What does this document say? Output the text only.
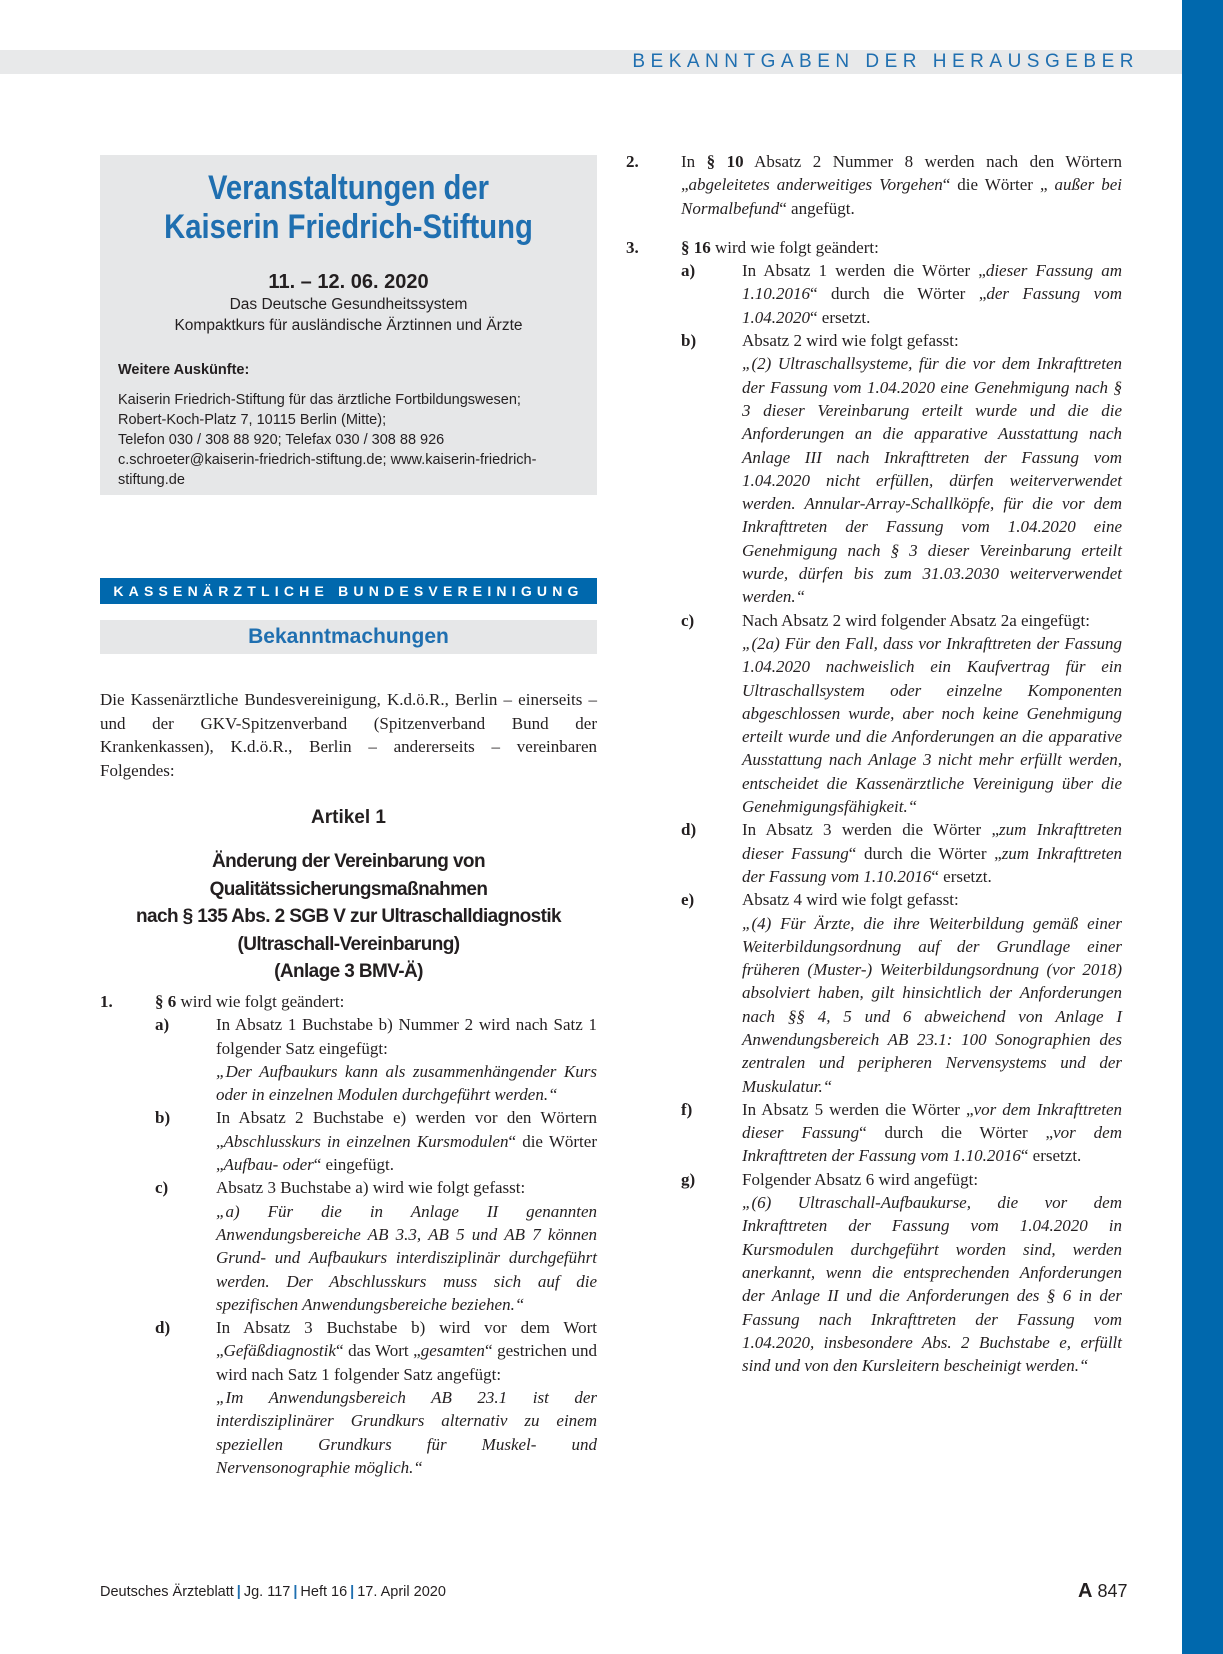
BEKANNTGABEN DER HERAUSGEBER
Veranstaltungen der
Kaiserin Friedrich-Stiftung
11. – 12. 06. 2020
Das Deutsche Gesundheitssystem
Kompaktkurs für ausländische Ärztinnen und Ärzte
Weitere Auskünfte:
Kaiserin Friedrich-Stiftung für das ärztliche Fortbildungswesen;
Robert-Koch-Platz 7, 10115 Berlin (Mitte);
Telefon 030 / 308 88 920; Telefax 030 / 308 88 926
c.schroeter@kaiserin-friedrich-stiftung.de; www.kaiserin-friedrich-stiftung.de
KASSENÄRZTLICHE BUNDESVEREINIGUNG
Bekanntmachungen
Die Kassenärztliche Bundesvereinigung, K.d.ö.R., Berlin – einerseits – und der GKV-Spitzenverband (Spitzenverband Bund der Krankenkassen), K.d.ö.R., Berlin – andererseits – vereinbaren Folgendes:
Artikel 1
Änderung der Vereinbarung von Qualitätssicherungsmaßnahmen
nach § 135 Abs. 2 SGB V zur Ultraschalldiagnostik
(Ultraschall-Vereinbarung)
(Anlage 3 BMV-Ä)
1. § 6 wird wie folgt geändert:
a)	In Absatz 1 Buchstabe b) Nummer 2 wird nach Satz 1 folgender Satz eingefügt:
„Der Aufbaukurs kann als zusammenhängender Kurs oder in einzelnen Modulen durchgeführt werden.“
b)	In Absatz 2 Buchstabe e) werden vor den Wörtern „Abschlusskurs in einzelnen Kursmodulen“ die Wörter „Aufbau- oder“ eingefügt.
c)	Absatz 3 Buchstabe a) wird wie folgt gefasst:
„a) Für die in Anlage II genannten Anwendungsbereiche AB 3.3, AB 5 und AB 7 können Grund- und Aufbaukurs interdisziplinär durchgeführt werden. Der Abschlusskurs muss sich auf die spezifischen Anwendungsbereiche beziehen.“
d)	In Absatz 3 Buchstabe b) wird vor dem Wort „Gefäßdiagnostik“ das Wort „gesamten“ gestrichen und wird nach Satz 1 folgender Satz angefügt:
„Im Anwendungsbereich AB 23.1 ist der interdisziplinärer Grundkurs alternativ zu einem speziellen Grundkurs für Muskel- und Nervensonographie möglich.“
2. In § 10 Absatz 2 Nummer 8 werden nach den Wörtern „abgeleitetes anderweitiges Vorgehen“ die Wörter „ außer bei Normalbefund“ angefügt.
3. § 16 wird wie folgt geändert:
a)	In Absatz 1 werden die Wörter „dieser Fassung am 1.10.2016“ durch die Wörter „der Fassung vom 1.04.2020“ ersetzt.
b)	Absatz 2 wird wie folgt gefasst:
„(2) Ultraschallsysteme, für die vor dem Inkrafttreten der Fassung vom 1.04.2020 eine Genehmigung nach § 3 dieser Vereinbarung erteilt wurde und die die Anforderungen an die apparative Ausstattung nach Anlage III nach Inkrafttreten der Fassung vom 1.04.2020 nicht erfüllen, dürfen weiterverwendet werden. Annular-Array-Schallköpfe, für die vor dem Inkrafttreten der Fassung vom 1.04.2020 eine Genehmigung nach § 3 dieser Vereinbarung erteilt wurde, dürfen bis zum 31.03.2030 weiterverwendet werden.“
c)	Nach Absatz 2 wird folgender Absatz 2a eingefügt:
„(2a) Für den Fall, dass vor Inkrafttreten der Fassung 1.04.2020 nachweislich ein Kaufvertrag für ein Ultraschallsystem oder einzelne Komponenten abgeschlossen wurde, aber noch keine Genehmigung erteilt wurde und die Anforderungen an die apparative Ausstattung nach Anlage 3 nicht mehr erfüllt werden, entscheidet die Kassenärztliche Vereinigung über die Genehmigungsfähigkeit.“
d)	In Absatz 3 werden die Wörter „zum Inkrafttreten dieser Fassung“ durch die Wörter „zum Inkrafttreten der Fassung vom 1.10.2016“ ersetzt.
e)	Absatz 4 wird wie folgt gefasst:
„(4) Für Ärzte, die ihre Weiterbildung gemäß einer Weiterbildungsordnung auf der Grundlage einer früheren (Muster-) Weiterbildungsordnung (vor 2018) absolviert haben, gilt hinsichtlich der Anforderungen nach §§ 4, 5 und 6 abweichend von Anlage I Anwendungsbereich AB 23.1: 100 Sonographien des zentralen und peripheren Nervensystems und der Muskulatur.“
f)	In Absatz 5 werden die Wörter „vor dem Inkrafttreten dieser Fassung“ durch die Wörter „vor dem Inkrafttreten der Fassung vom 1.10.2016“ ersetzt.
g)	Folgender Absatz 6 wird angefügt:
„(6) Ultraschall-Aufbaukurse, die vor dem Inkrafttreten der Fassung vom 1.04.2020 in Kursmodulen durchgeführt worden sind, werden anerkannt, wenn die entsprechenden Anforderungen der Anlage II und die Anforderungen des § 6 in der Fassung nach Inkrafttreten der Fassung vom 1.04.2020, insbesondere Abs. 2 Buchstabe e, erfüllt sind und von den Kursleitern bescheinigt werden.“
Deutsches Ärzteblatt | Jg. 117 | Heft 16 | 17. April 2020	A 847
